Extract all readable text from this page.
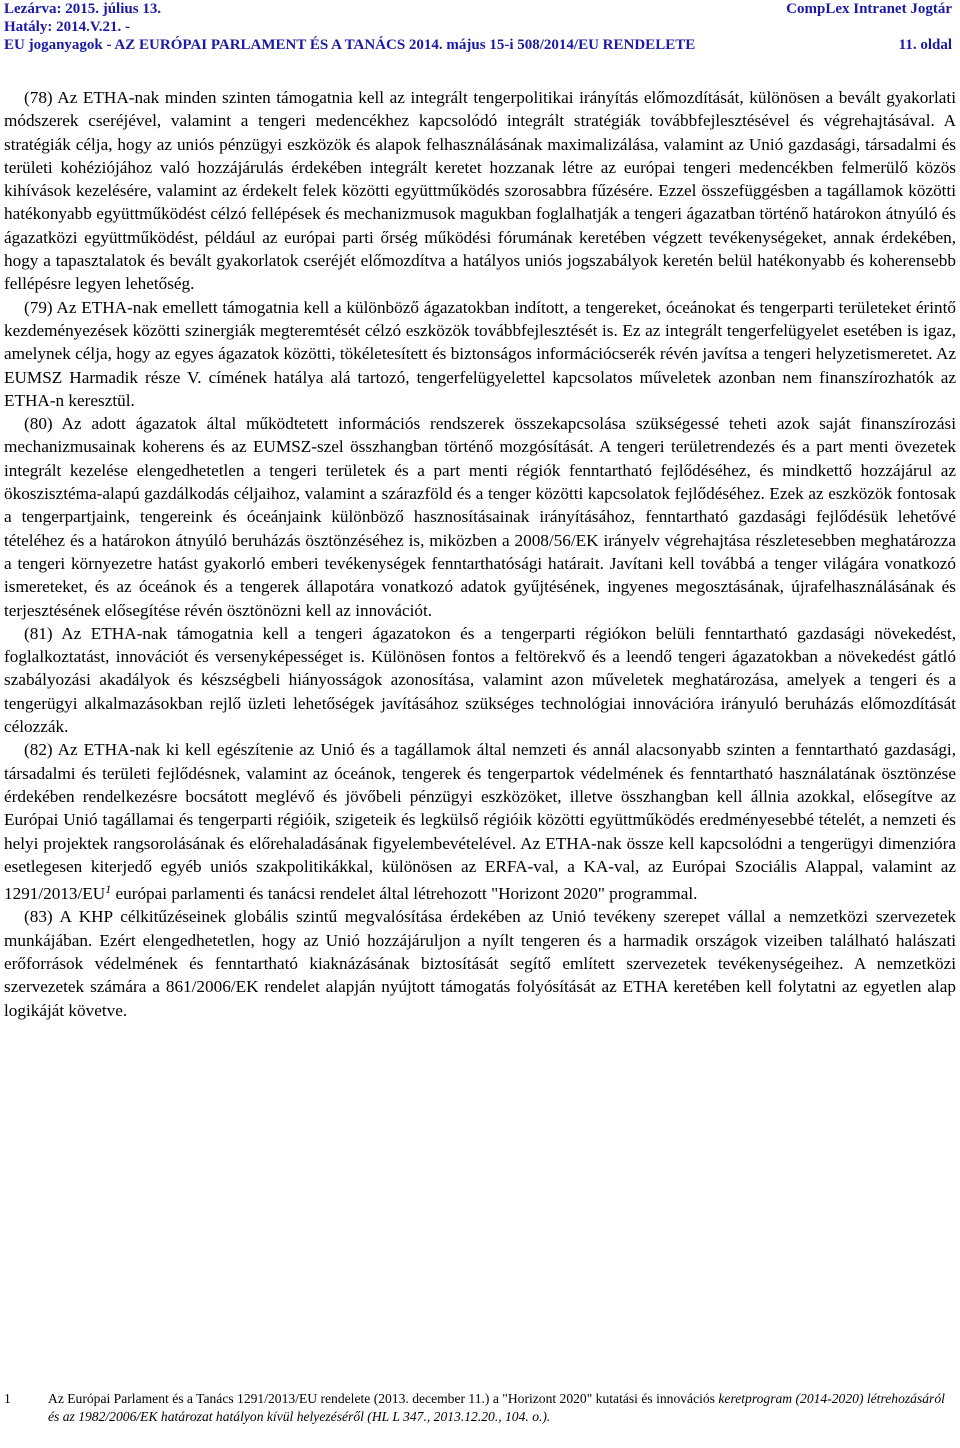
Lezárva: 2015. július 13.	CompLex Intranet Jogtár
Hatály: 2014.V.21. -
EU joganyagok - AZ EURÓPAI PARLAMENT ÉS A TANÁCS 2014. május 15-i 508/2014/EU RENDELETE	11. oldal

(78) Az ETHA-nak minden szinten támogatnia kell az integrált tengerpolitikai irányítás előmozdítását, különösen a bevált gyakorlati módszerek cseréjével, valamint a tengeri medencékhez kapcsolódó integrált stratégiák továbbfejlesztésével és végrehajtásával. A stratégiák célja, hogy az uniós pénzügyi eszközök és alapok felhasználásának maximalizálása, valamint az Unió gazdasági, társadalmi és területi kohéziójához való hozzájárulás érdekében integrált keretet hozzanak létre az európai tengeri medencékben felmerülő közös kihívások kezelésére, valamint az érdekelt felek közötti együttműködés szorosabbra fűzésére. Ezzel összefüggésben a tagállamok közötti hatékonyabb együttműködést célzó fellépések és mechanizmusok magukban foglalhatják a tengeri ágazatban történő határokon átnyúló és ágazatközi együttműködést, például az európai parti őrség működési fórumának keretében végzett tevékenységeket, annak érdekében, hogy a tapasztalatok és bevált gyakorlatok cseréjét előmozdítva a hatályos uniós jogszabályok keretén belül hatékonyabb és koherensebb fellépésre legyen lehetőség.

(79) Az ETHA-nak emellett támogatnia kell a különböző ágazatokban indított, a tengereket, óceánokat és tengerparti területeket érintő kezdeményezések közötti szinergiák megteremtését célzó eszközök továbbfejlesztését is. Ez az integrált tengerfelügyelet esetében is igaz, amelynek célja, hogy az egyes ágazatok közötti, tökéletesített és biztonságos információcserék révén javítsa a tengeri helyzetismeretet. Az EUMSZ Harmadik része V. címének hatálya alá tartozó, tengerfelügyelettel kapcsolatos műveletek azonban nem finanszírozhatók az ETHA-n keresztül.

(80) Az adott ágazatok által működtetett információs rendszerek összekapcsolása szükségessé teheti azok saját finanszírozási mechanizmusainak koherens és az EUMSZ-szel összhangban történő mozgósítását. A tengeri területrendezés és a part menti övezetek integrált kezelése elengedhetetlen a tengeri területek és a part menti régiók fenntartható fejlődéséhez, és mindkettő hozzájárul az ökoszisztéma-alapú gazdálkodás céljaihoz, valamint a szárazföld és a tenger közötti kapcsolatok fejlődéséhez. Ezek az eszközök fontosak a tengerpartjaink, tengereink és óceánjaink különböző hasznosításainak irányításához, fenntartható gazdasági fejlődésük lehetővé tételéhez és a határokon átnyúló beruházás ösztönzéséhez is, miközben a 2008/56/EK irányelv végrehajtása részletesebben meghatározza a tengeri környezetre hatást gyakorló emberi tevékenységek fenntarthatósági határait. Javítani kell továbbá a tenger világára vonatkozó ismereteket, és az óceánok és a tengerek állapotára vonatkozó adatok gyűjtésének, ingyenes megosztásának, újrafelhasználásának és terjesztésének elősegítése révén ösztönözni kell az innovációt.

(81) Az ETHA-nak támogatnia kell a tengeri ágazatokon és a tengerparti régiókon belüli fenntartható gazdasági növekedést, foglalkoztatást, innovációt és versenyképességet is. Különösen fontos a feltörekvő és a leendő tengeri ágazatokban a növekedést gátló szabályozási akadályok és készségbeli hiányosságok azonosítása, valamint azon műveletek meghatározása, amelyek a tengeri és a tengerügyi alkalmazásokban rejlő üzleti lehetőségek javításához szükséges technológiai innovációra irányuló beruházás előmozdítását célozzák.

(82) Az ETHA-nak ki kell egészítenie az Unió és a tagállamok által nemzeti és annál alacsonyabb szinten a fenntartható gazdasági, társadalmi és területi fejlődésnek, valamint az óceánok, tengerek és tengerpartok védelmének és fenntartható használatának ösztönzése érdekében rendelkezésre bocsátott meglévő és jövőbeli pénzügyi eszközöket, illetve összhangban kell állnia azokkal, elősegítve az Európai Unió tagállamai és tengerparti régióik, szigeteik és legkülső régióik közötti együttműködés eredményesebbé tételét, a nemzeti és helyi projektek rangsorolásának és előrehaladásának figyelembevételével. Az ETHA-nak össze kell kapcsolódni a tengerügyi dimenzióra esetlegesen kiterjedő egyéb uniós szakpolitikákkal, különösen az ERFA-val, a KA-val, az Európai Szociális Alappal, valamint az 1291/2013/EU$^1$ európai parlamenti és tanácsi rendelet által létrehozott "Horizont 2020" programmal.

(83) A KHP célkitűzéseinek globális szintű megvalósítása érdekében az Unió tevékeny szerepet vállal a nemzetközi szervezetek munkájában. Ezért elengedhetetlen, hogy az Unió hozzájáruljon a nyílt tengeren és a harmadik országok vizeiben található halászati erőforrások védelmének és fenntartható kiaknázásának biztosítását segítő említett szervezetek tevékenységeihez. A nemzetközi szervezetek számára a 861/2006/EK rendelet alapján nyújtott támogatás folyósítását az ETHA keretében kell folytatni az egyetlen alap logikáját követve.

1	Az Európai Parlament és a Tanács 1291/2013/EU rendelete (2013. december 11.) a "Horizont 2020" kutatási és innovációs keretprogram (2014-2020) létrehozásáról és az 1982/2006/EK határozat hatályon kívül helyezéséről (HL L 347., 2013.12.20., 104. o.).
